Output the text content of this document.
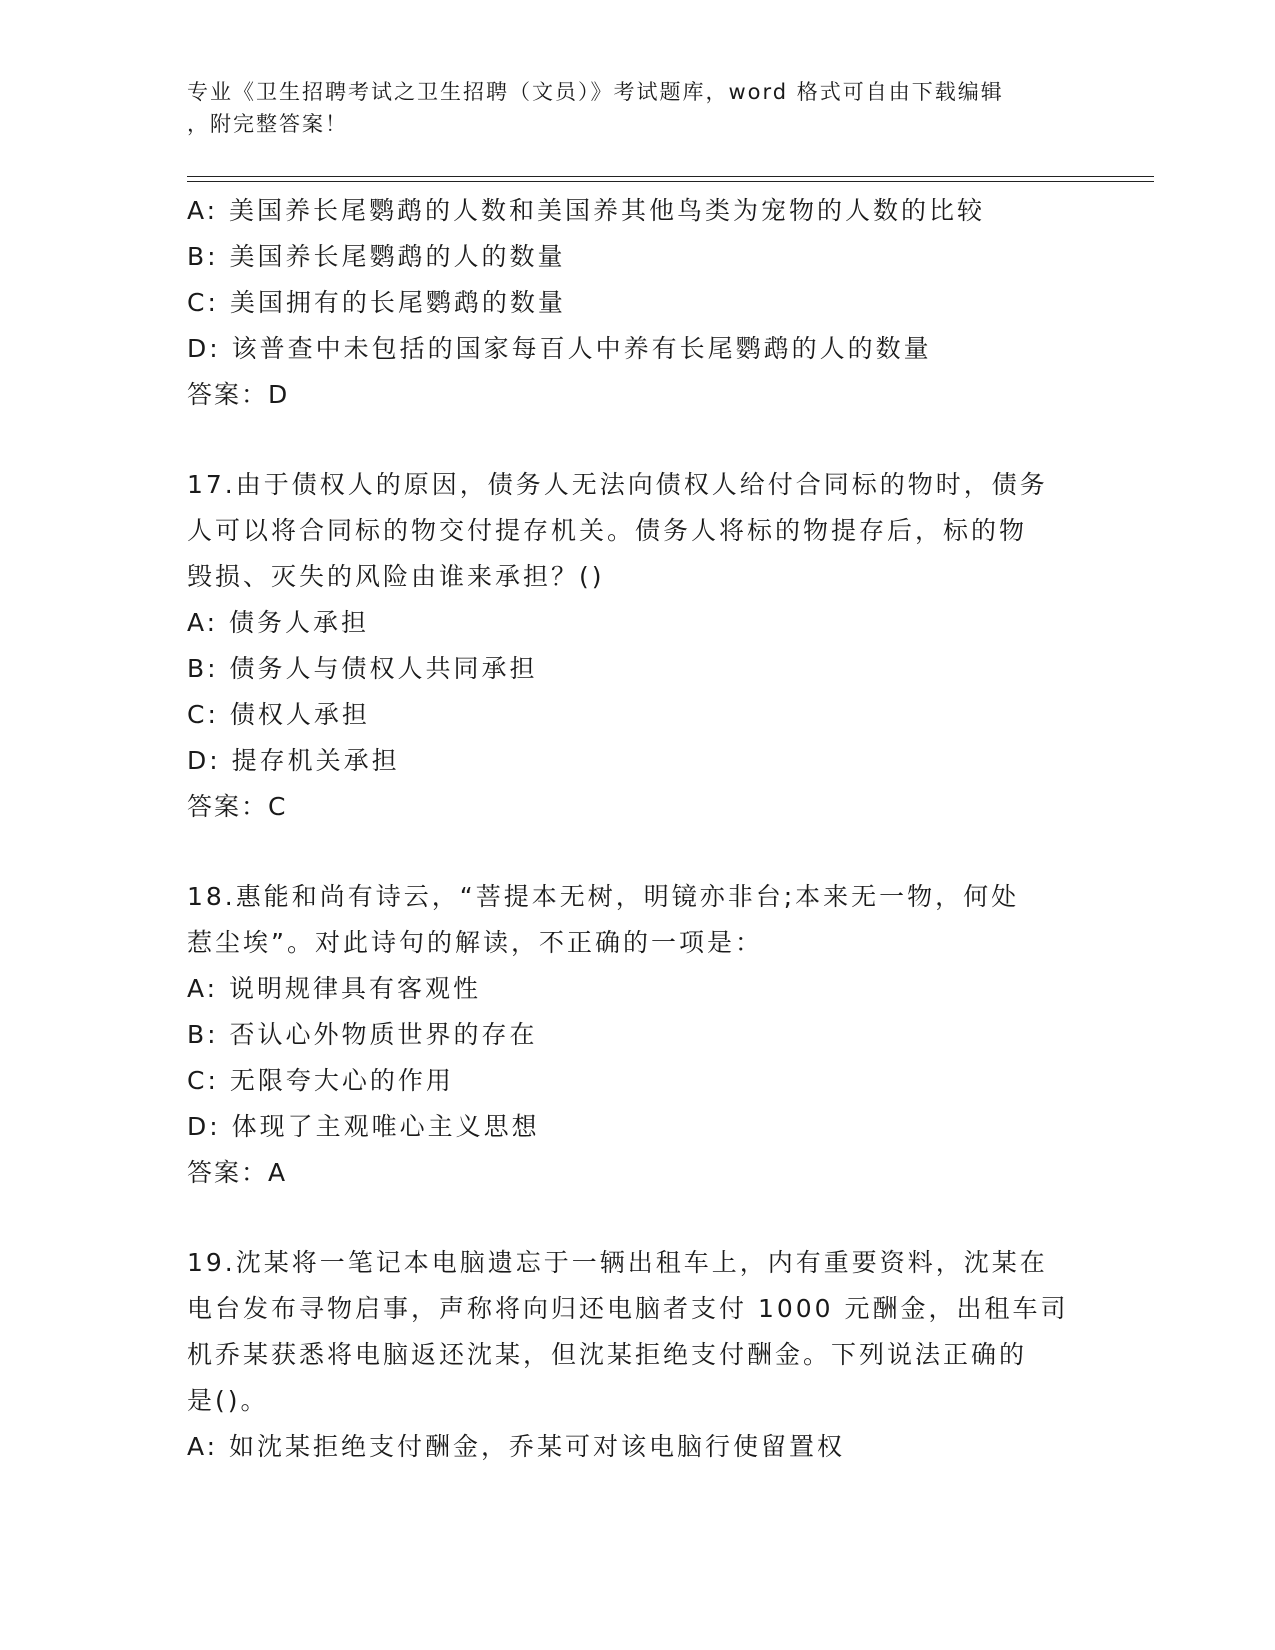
专业《卫生招聘考试之卫生招聘（文员）》考试题库，word 格式可自由下载编辑
，附完整答案！
A: 美国养长尾鹦鹉的人数和美国养其他鸟类为宠物的人数的比较
B: 美国养长尾鹦鹉的人的数量
C: 美国拥有的长尾鹦鹉的数量
D: 该普查中未包括的国家每百人中养有长尾鹦鹉的人的数量
答案：D
17.由于债权人的原因，债务人无法向债权人给付合同标的物时，债务
人可以将合同标的物交付提存机关。债务人将标的物提存后，标的物
毁损、灭失的风险由谁来承担？()
A: 债务人承担
B: 债务人与债权人共同承担
C: 债权人承担
D: 提存机关承担
答案：C
18.惠能和尚有诗云，“菩提本无树，明镜亦非台;本来无一物，何处
惹尘埃”。对此诗句的解读，不正确的一项是：
A: 说明规律具有客观性
B: 否认心外物质世界的存在
C: 无限夸大心的作用
D: 体现了主观唯心主义思想
答案：A
19.沈某将一笔记本电脑遗忘于一辆出租车上，内有重要资料，沈某在
电台发布寻物启事，声称将向归还电脑者支付 1000 元酬金，出租车司
机乔某获悉将电脑返还沈某，但沈某拒绝支付酬金。下列说法正确的
是()。
A: 如沈某拒绝支付酬金，乔某可对该电脑行使留置权
